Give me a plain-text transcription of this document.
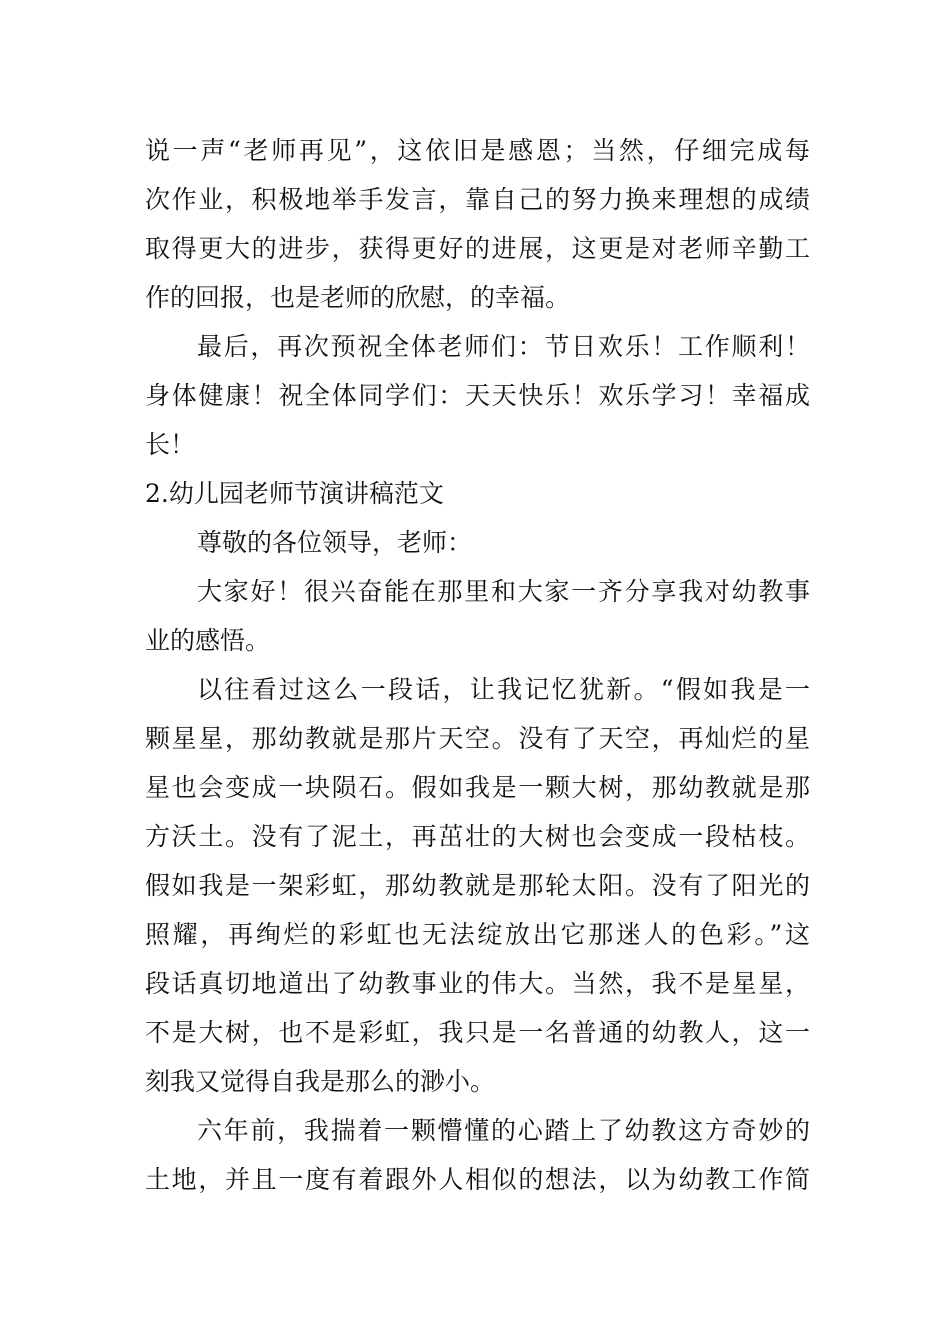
说一声“老师再见”，这依旧是感恩；当然，仔细完成每
次作业，积极地举手发言，靠自己的努力换来理想的成绩
取得更大的进步，获得更好的进展，这更是对老师辛勤工
作的回报，也是老师的欣慰，的幸福。
最后，再次预祝全体老师们：节日欢乐！工作顺利！
身体健康！祝全体同学们：天天快乐！欢乐学习！幸福成
长！
2.幼儿园老师节演讲稿范文
尊敬的各位领导，老师：
大家好！很兴奋能在那里和大家一齐分享我对幼教事
业的感悟。
以往看过这么一段话，让我记忆犹新。“假如我是一
颗星星，那幼教就是那片天空。没有了天空，再灿烂的星
星也会变成一块陨石。假如我是一颗大树，那幼教就是那
方沃土。没有了泥土，再茁壮的大树也会变成一段枯枝。
假如我是一架彩虹，那幼教就是那轮太阳。没有了阳光的
照耀，再绚烂的彩虹也无法绽放出它那迷人的色彩。”这
段话真切地道出了幼教事业的伟大。当然，我不是星星，
不是大树，也不是彩虹，我只是一名普通的幼教人，这一
刻我又觉得自我是那么的渺小。
六年前，我揣着一颗懵懂的心踏上了幼教这方奇妙的
土地，并且一度有着跟外人相似的想法，以为幼教工作简
